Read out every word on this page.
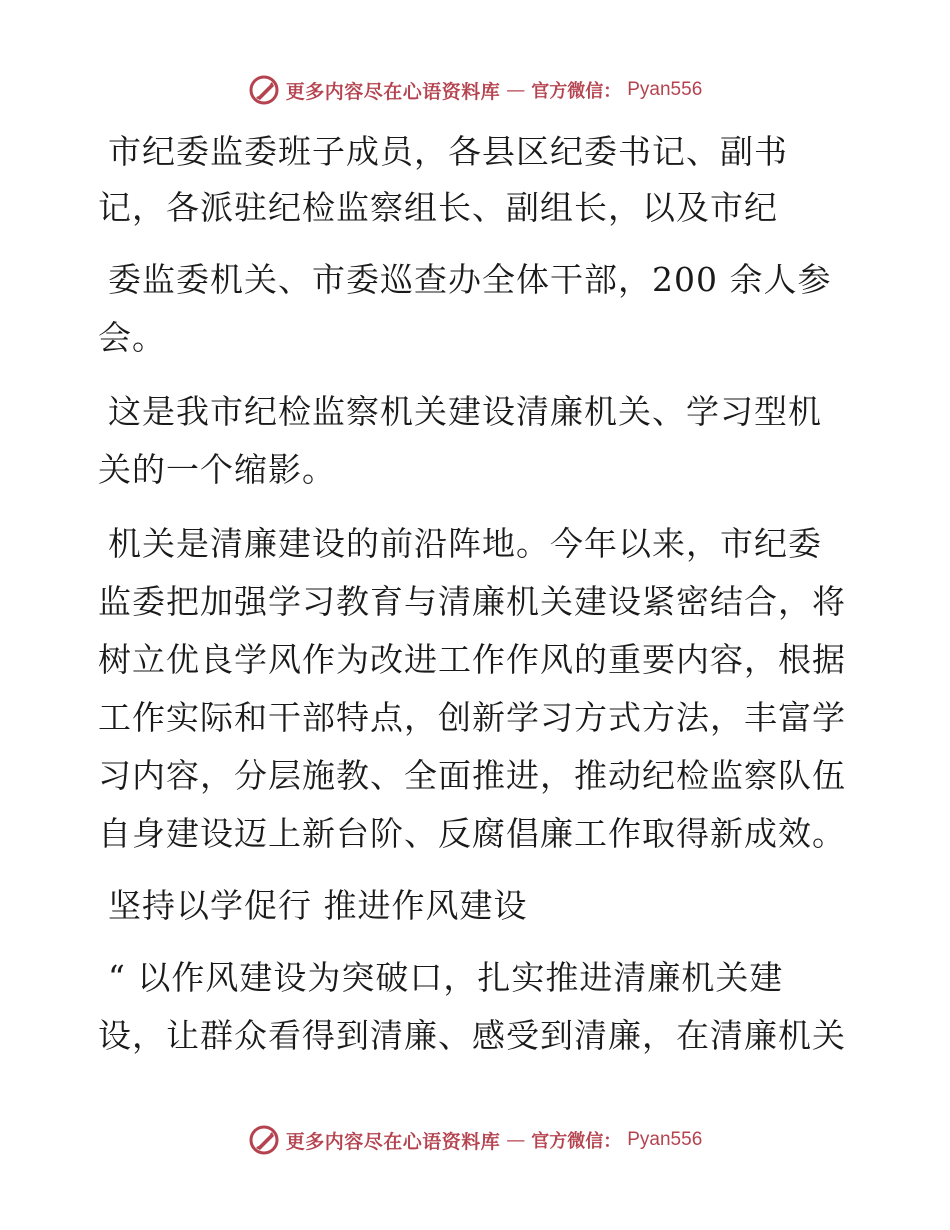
更多内容尽在心语资料库 — 官方微信： Pyan556
市纪委监委班子成员，各县区纪委书记、副书
记，各派驻纪检监察组长、副组长，以及市纪
委监委机关、市委巡查办全体干部，200 余人参
会。
这是我市纪检监察机关建设清廉机关、学习型机
关的一个缩影。
机关是清廉建设的前沿阵地。今年以来，市纪委
监委把加强学习教育与清廉机关建设紧密结合，将
树立优良学风作为改进工作作风的重要内容，根据
工作实际和干部特点，创新学习方式方法，丰富学
习内容，分层施教、全面推进，推动纪检监察队伍
自身建设迈上新台阶、反腐倡廉工作取得新成效。
坚持以学促行 推进作风建设
“ 以作风建设为突破口，扎实推进清廉机关建
设，让群众看得到清廉、感受到清廉，在清廉机关
更多内容尽在心语资料库 — 官方微信： Pyan556
